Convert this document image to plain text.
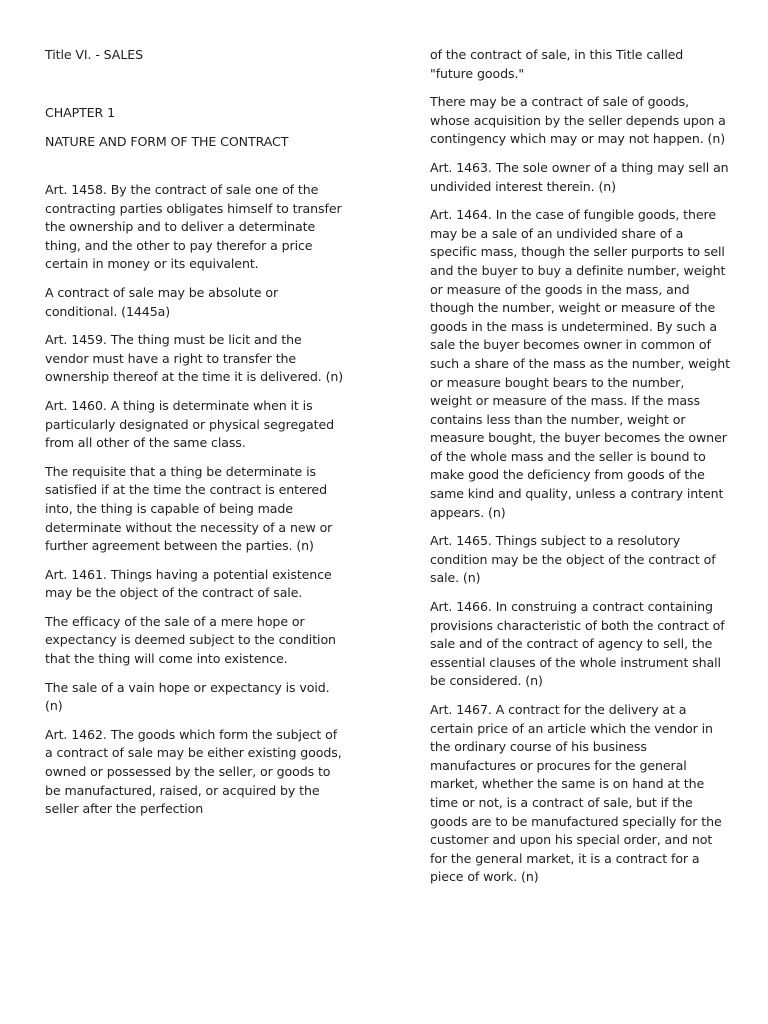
Title VI. - SALES

CHAPTER 1

NATURE AND FORM OF THE CONTRACT

Art. 1458. By the contract of sale one of the contracting parties obligates himself to transfer the ownership and to deliver a determinate thing, and the other to pay therefor a price certain in money or its equivalent.

A contract of sale may be absolute or conditional. (1445a)

Art. 1459. The thing must be licit and the vendor must have a right to transfer the ownership thereof at the time it is delivered. (n)

Art. 1460. A thing is determinate when it is particularly designated or physical segregated from all other of the same class.

The requisite that a thing be determinate is satisfied if at the time the contract is entered into, the thing is capable of being made determinate without the necessity of a new or further agreement between the parties. (n)

Art. 1461. Things having a potential existence may be the object of the contract of sale.

The efficacy of the sale of a mere hope or expectancy is deemed subject to the condition that the thing will come into existence.

The sale of a vain hope or expectancy is void. (n)

Art. 1462. The goods which form the subject of a contract of sale may be either existing goods, owned or possessed by the seller, or goods to be manufactured, raised, or acquired by the seller after the perfection

of the contract of sale, in this Title called "future goods."

There may be a contract of sale of goods, whose acquisition by the seller depends upon a contingency which may or may not happen. (n)

Art. 1463. The sole owner of a thing may sell an undivided interest therein. (n)

Art. 1464. In the case of fungible goods, there may be a sale of an undivided share of a specific mass, though the seller purports to sell and the buyer to buy a definite number, weight or measure of the goods in the mass, and though the number, weight or measure of the goods in the mass is undetermined. By such a sale the buyer becomes owner in common of such a share of the mass as the number, weight or measure bought bears to the number, weight or measure of the mass. If the mass contains less than the number, weight or measure bought, the buyer becomes the owner of the whole mass and the seller is bound to make good the deficiency from goods of the same kind and quality, unless a contrary intent appears. (n)

Art. 1465. Things subject to a resolutory condition may be the object of the contract of sale. (n)

Art. 1466. In construing a contract containing provisions characteristic of both the contract of sale and of the contract of agency to sell, the essential clauses of the whole instrument shall be considered. (n)

Art. 1467. A contract for the delivery at a certain price of an article which the vendor in the ordinary course of his business manufactures or procures for the general market, whether the same is on hand at the time or not, is a contract of sale, but if the goods are to be manufactured specially for the customer and upon his special order, and not for the general market, it is a contract for a piece of work. (n)
